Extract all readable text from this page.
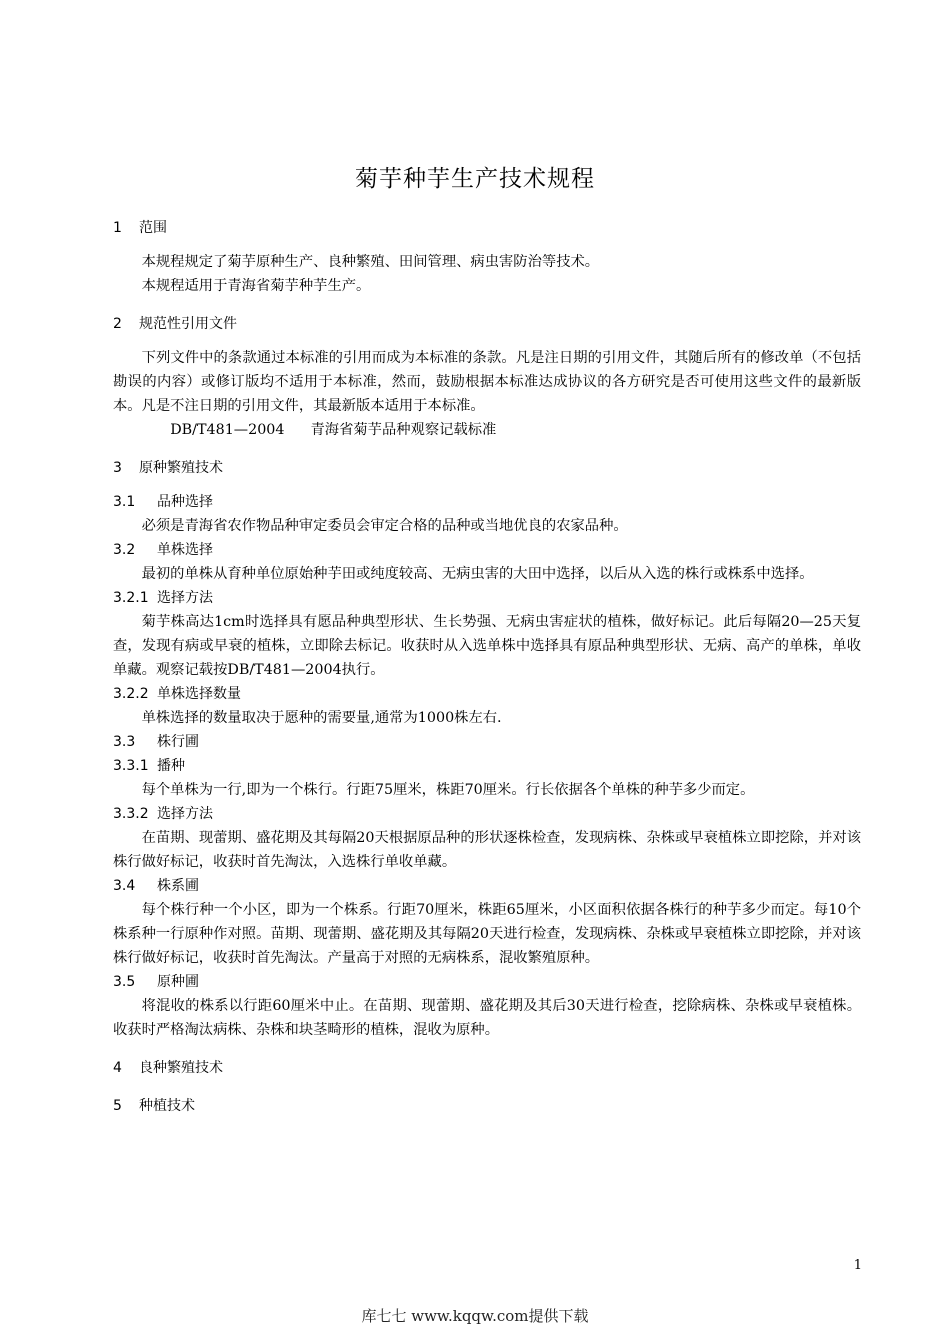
菊芋种芋生产技术规程
1 范围

本规程规定了菊芋原种生产、良种繁殖、田间管理、病虫害防治等技术。

本规程适用于青海省菊芋种芋生产。

2 规范性引用文件

下列文件中的条款通过本标准的引用而成为本标准的条款。凡是注日期的引用文件，其随后所有的修改单（不包括勘误的内容）或修订版均不适用于本标准，然而，鼓励根据本标准达成协议的各方研究是否可使用这些文件的最新版本。凡是不注日期的引用文件，其最新版本适用于本标准。

DB/T481—2004 青海省菊芋品种观察记载标准

3 原种繁殖技术
3.1 品种选择

必须是青海省农作物品种审定委员会审定合格的品种或当地优良的农家品种。

3.2 单株选择

最初的单株从育种单位原始种芋田或纯度较高、无病虫害的大田中选择，以后从入选的株行或株系中选择。

3.2.1 选择方法

菊芋株高达1cm时选择具有愿品种典型形状、生长势强、无病虫害症状的植株，做好标记。此后每隔20—25天复查，发现有病或早衰的植株，立即除去标记。收获时从入选单株中选择具有原品种典型形状、无病、高产的单株，单收单藏。观察记载按DB/T481—2004执行。

3.2.2 单株选择数量

单株选择的数量取决于愿种的需要量,通常为1000株左右.

3.3 株行圃
3.3.1 播种

每个单株为一行,即为一个株行。行距75厘米，株距70厘米。行长依据各个单株的种芋多少而定。

3.3.2 选择方法

在苗期、现蕾期、盛花期及其每隔20天根据原品种的形状逐株检查，发现病株、杂株或早衰植株立即挖除，并对该株行做好标记，收获时首先淘汰，入选株行单收单藏。

3.4 株系圃

每个株行种一个小区，即为一个株系。行距70厘米，株距65厘米，小区面积依据各株行的种芋多少而定。每10个株系种一行原种作对照。苗期、现蕾期、盛花期及其每隔20天进行检查，发现病株、杂株或早衰植株立即挖除，并对该株行做好标记，收获时首先淘汰。产量高于对照的无病株系，混收繁殖原种。

3.5 原种圃

将混收的株系以行距60厘米中止。在苗期、现蕾期、盛花期及其后30天进行检查，挖除病株、杂株或早衰植株。收获时严格淘汰病株、杂株和块茎畸形的植株，混收为原种。

4 良种繁殖技术
5 种植技术
1
库七七 www.kqqw.com提供下载
